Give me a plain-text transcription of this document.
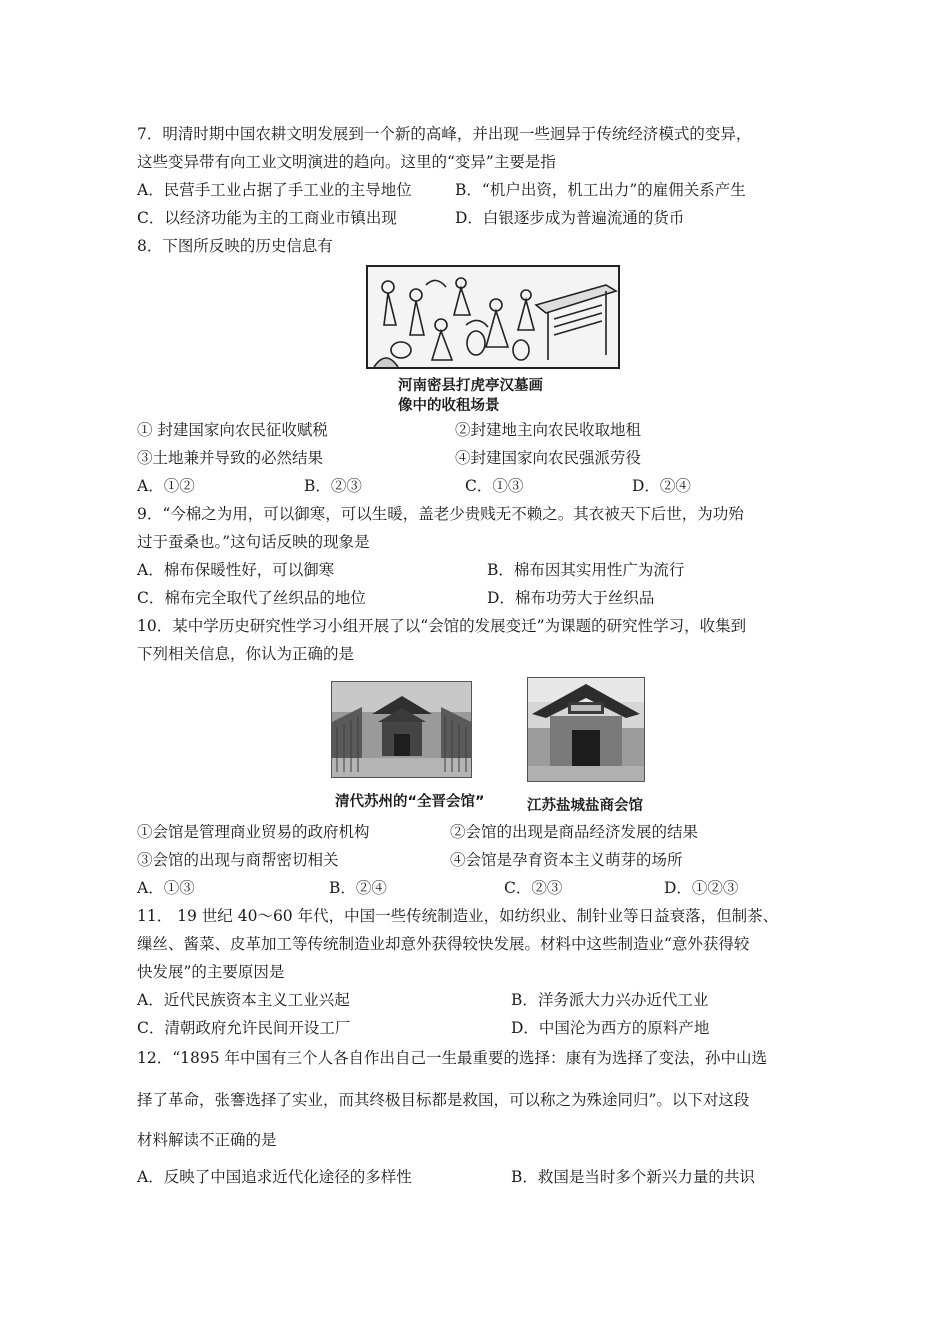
7．明清时期中国农耕文明发展到一个新的高峰，并出现一些迥异于传统经济模式的变异，
这些变异带有向工业文明演进的趋向。这里的“变异”主要是指
A．民营手工业占据了手工业的主导地位	B．“机户出资，机工出力”的雇佣关系产生
C．以经济功能为主的工商业市镇出现	D．白银逐步成为普遍流通的货币
8．下图所反映的历史信息有
河南密县打虎亭汉墓画
像中的收租场景
① 封建国家向农民征收赋税	②封建地主向农民收取地租
③土地兼并导致的必然结果	④封建国家向农民强派劳役
A．①②	B．②③	C．①③	D．②④
9．“今棉之为用，可以御寒，可以生暖，盖老少贵贱无不赖之。其衣被天下后世，为功殆
过于蚕桑也。”这句话反映的现象是
A．棉布保暖性好，可以御寒	B．棉布因其实用性广为流行
C．棉布完全取代了丝织品的地位	D．棉布功劳大于丝织品
10．某中学历史研究性学习小组开展了以“会馆的发展变迁”为课题的研究性学习，收集到
下列相关信息，你认为正确的是
清代苏州的“全晋会馆”	江苏盐城盐商会馆
①会馆是管理商业贸易的政府机构	②会馆的出现是商品经济发展的结果
③会馆的出现与商帮密切相关	④会馆是孕育资本主义萌芽的场所
A．①③	B．②④	C．②③	D．①②③
11． 19 世纪 40～60 年代，中国一些传统制造业，如纺织业、制针业等日益衰落，但制茶、
缫丝、酱菜、皮革加工等传统制造业却意外获得较快发展。材料中这些制造业“意外获得较
快发展”的主要原因是
A．近代民族资本主义工业兴起	B．洋务派大力兴办近代工业
C．清朝政府允许民间开设工厂	D．中国沦为西方的原料产地
12．“1895 年中国有三个人各自作出自己一生最重要的选择：康有为选择了变法，孙中山选
择了革命，张謇选择了实业，而其终极目标都是救国，可以称之为殊途同归”。以下对这段
材料解读不正确的是
A．反映了中国追求近代化途径的多样性	B．救国是当时多个新兴力量的共识
